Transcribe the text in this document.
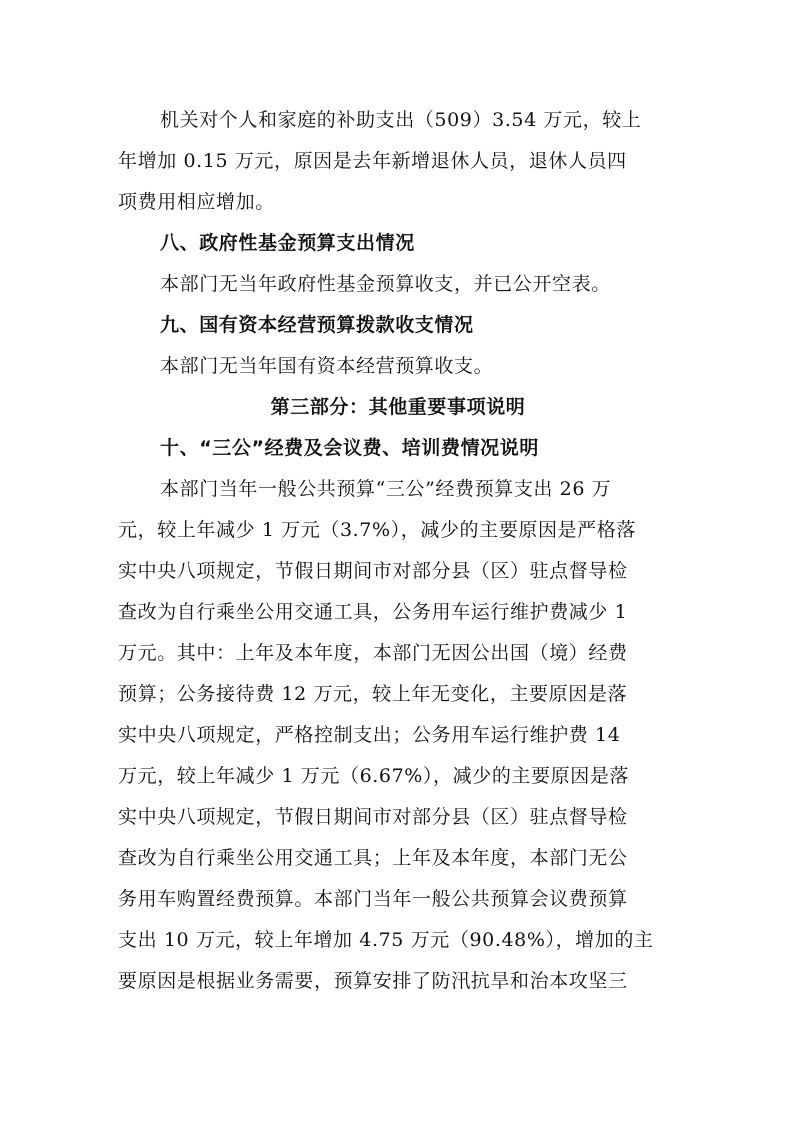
机关对个人和家庭的补助支出（509）3.54 万元，较上
年增加 0.15 万元，原因是去年新增退休人员，退休人员四
项费用相应增加。
八、政府性基金预算支出情况
本部门无当年政府性基金预算收支，并已公开空表。
九、国有资本经营预算拨款收支情况
本部门无当年国有资本经营预算收支。
第三部分：其他重要事项说明
十、“三公”经费及会议费、培训费情况说明
本部门当年一般公共预算“三公”经费预算支出 26 万
元，较上年减少 1 万元（3.7%），减少的主要原因是严格落
实中央八项规定，节假日期间市对部分县（区）驻点督导检
查改为自行乘坐公用交通工具，公务用车运行维护费减少 1
万元。其中：上年及本年度，本部门无因公出国（境）经费
预算；公务接待费 12 万元，较上年无变化，主要原因是落
实中央八项规定，严格控制支出；公务用车运行维护费 14
万元，较上年减少 1 万元（6.67%），减少的主要原因是落
实中央八项规定，节假日期间市对部分县（区）驻点督导检
查改为自行乘坐公用交通工具；上年及本年度，本部门无公
务用车购置经费预算。本部门当年一般公共预算会议费预算
支出 10 万元，较上年增加 4.75 万元（90.48%），增加的主
要原因是根据业务需要，预算安排了防汛抗旱和治本攻坚三
